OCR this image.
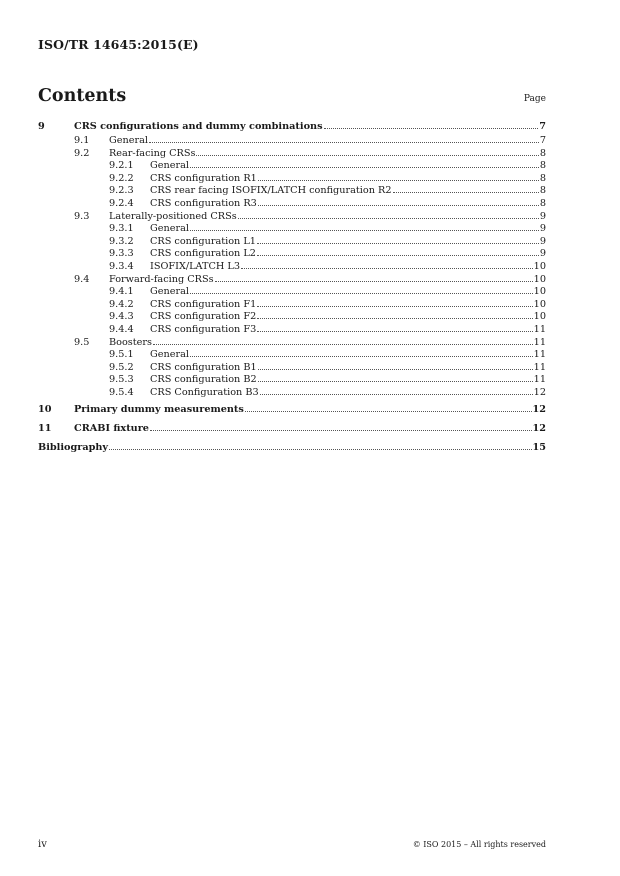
ISO/TR 14645:2015(E)
Contents	Page
9	CRS configurations and dummy combinations	7
9.1 General	7
9.2 Rear-facing CRSs	8
9.2.1 General	8
9.2.2 CRS configuration R1	8
9.2.3 CRS rear facing ISOFIX/LATCH configuration R2	8
9.2.4 CRS configuration R3	8
9.3 Laterally-positioned CRSs	9
9.3.1 General	9
9.3.2 CRS configuration L1	9
9.3.3 CRS configuration L2	9
9.3.4 ISOFIX/LATCH L3	10
9.4 Forward-facing CRSs	10
9.4.1 General	10
9.4.2 CRS configuration F1	10
9.4.3 CRS configuration F2	10
9.4.4 CRS configuration F3	11
9.5 Boosters	11
9.5.1 General	11
9.5.2 CRS configuration B1	11
9.5.3 CRS configuration B2	11
9.5.4 CRS Configuration B3	12
10 Primary dummy measurements	12
11 CRABI fixture	12
Bibliography	15
iv	© ISO 2015 – All rights reserved
